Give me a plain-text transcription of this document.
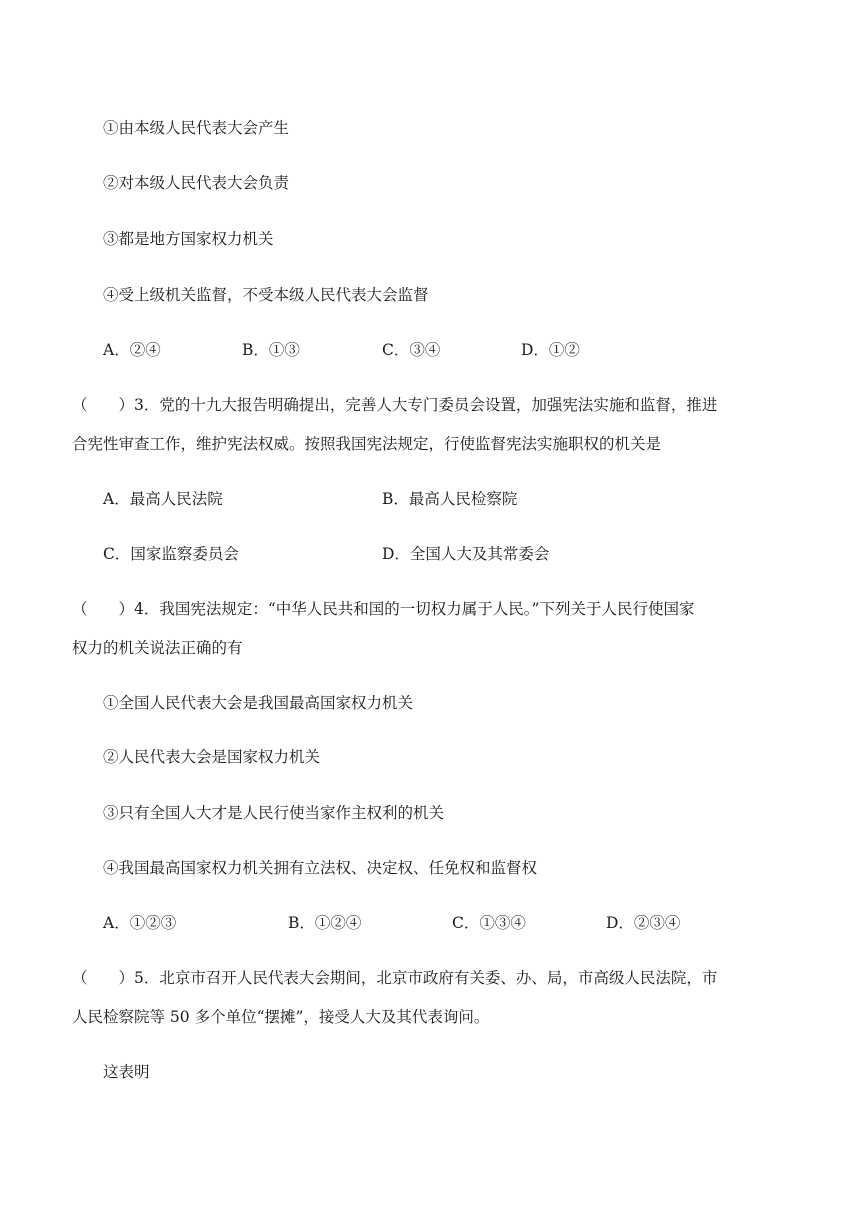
①由本级人民代表大会产生
②对本级人民代表大会负责
③都是地方国家权力机关
④受上级机关监督，不受本级人民代表大会监督
A．②④	B．①③	C．③④	D．①②
（　　）3．党的十九大报告明确提出，完善人大专门委员会设置，加强宪法实施和监督，推进
合宪性审查工作，维护宪法权威。按照我国宪法规定，行使监督宪法实施职权的机关是
A．最高人民法院	B．最高人民检察院
C．国家监察委员会	D．全国人大及其常委会
（　　）4．我国宪法规定：“中华人民共和国的一切权力属于人民。”下列关于人民行使国家
权力的机关说法正确的有
①全国人民代表大会是我国最高国家权力机关
②人民代表大会是国家权力机关
③只有全国人大才是人民行使当家作主权利的机关
④我国最高国家权力机关拥有立法权、决定权、任免权和监督权
A．①②③	B．①②④	C．①③④	D．②③④
（　　）5．北京市召开人民代表大会期间，北京市政府有关委、办、局，市高级人民法院，市
人民检察院等 50 多个单位“摆摊”，接受人大及其代表询问。
这表明
